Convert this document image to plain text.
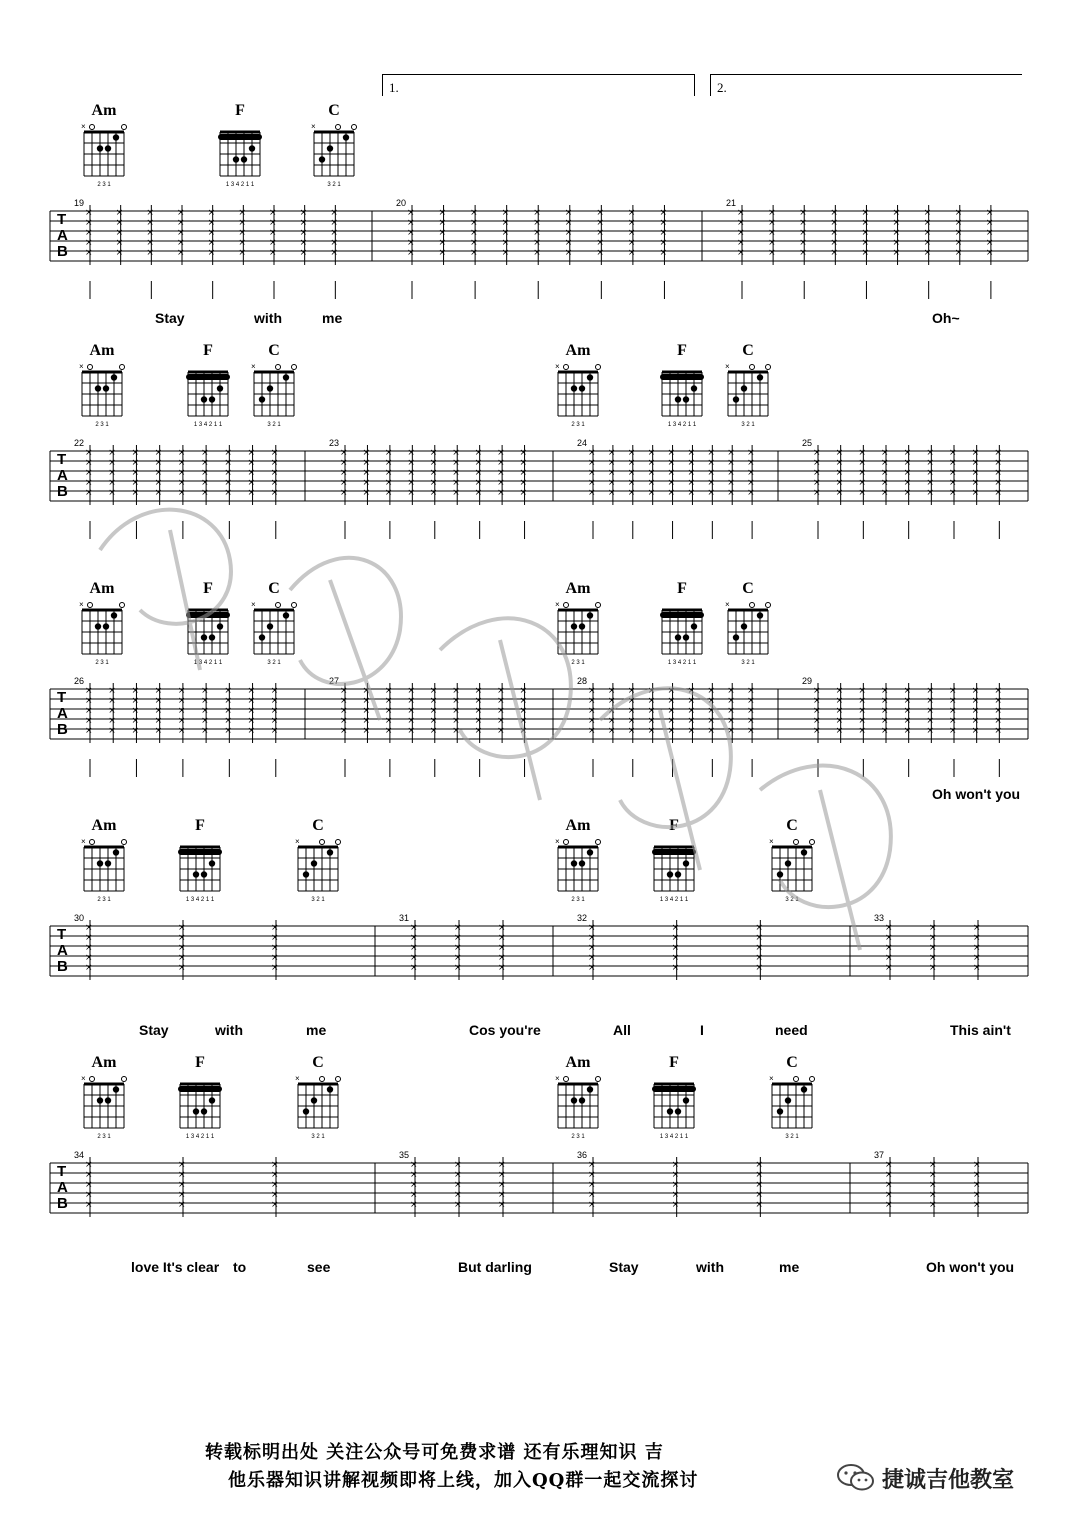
1.	2.
Am
×
2 3 1
F
1 3 4 2 1 1
C
×
3 2 1
T
A
B
19	20	21
×
×
×
×
×
×
×
×
×
×
×
×
×
×
×
×
×
×
×
×
×
×
×
×
×
×
×
×
×
×
×
×
×
×
×
×
×
×
×
×
×
×
×
×
×
×
×
×
×
×
×
×
×
×
×
×
×
×
×
×
×
×
×
×
×
×
×
×
×
×
×
×
×
×
×
×
×
×
×
×
×
×
×
×
×
×
×
×
×
×
×
×
×
×
×
×
×
×
×
×
×
×
×
×
×
×
×
×
×
×
×
×
×
×
×
×
×
×
×
×
×
×
×
×
×
×
×
×
×
×
×
×
×
×
×
Stay	with	me	Oh~
Am
×
2 3 1
F
1 3 4 2 1 1
C
×
3 2 1
Am
×
2 3 1
F
1 3 4 2 1 1
C
×
3 2 1
T
A
B
22	23	24	25
×
×
×
×
×
×
×
×
×
×
×
×
×
×
×
×
×
×
×
×
×
×
×
×
×
×
×
×
×
×
×
×
×
×
×
×
×
×
×
×
×
×
×
×
×
×
×
×
×
×
×
×
×
×
×
×
×
×
×
×
×
×
×
×
×
×
×
×
×
×
×
×
×
×
×
×
×
×
×
×
×
×
×
×
×
×
×
×
×
×
×
×
×
×
×
×
×
×
×
×
×
×
×
×
×
×
×
×
×
×
×
×
×
×
×
×
×
×
×
×
×
×
×
×
×
×
×
×
×
×
×
×
×
×
×
×
×
×
×
×
×
×
×
×
×
×
×
×
×
×
×
×
×
×
×
×
×
×
×
×
×
×
×
×
×
×
×
×
×
×
×
×
×
×
×
×
×
×
×
×
Am
×
2 3 1
F
1 3 4 2 1 1
C
×
3 2 1
Am
×
2 3 1
F
1 3 4 2 1 1
C
×
3 2 1
T
A
B
26	27	28	29
×
×
×
×
×
×
×
×
×
×
×
×
×
×
×
×
×
×
×
×
×
×
×
×
×
×
×
×
×
×
×
×
×
×
×
×
×
×
×
×
×
×
×
×
×
×
×
×
×
×
×
×
×
×
×
×
×
×
×
×
×
×
×
×
×
×
×
×
×
×
×
×
×
×
×
×
×
×
×
×
×
×
×
×
×
×
×
×
×
×
×
×
×
×
×
×
×
×
×
×
×
×
×
×
×
×
×
×
×
×
×
×
×
×
×
×
×
×
×
×
×
×
×
×
×
×
×
×
×
×
×
×
×
×
×
×
×
×
×
×
×
×
×
×
×
×
×
×
×
×
×
×
×
×
×
×
×
×
×
×
×
×
×
×
×
×
×
×
×
×
×
×
×
×
×
×
×
×
×
×
Oh won't you
Am
×
2 3 1
F
1 3 4 2 1 1
C
×
3 2 1
Am
×
2 3 1
F
1 3 4 2 1 1
C
×
3 2 1
T
A
B
30	31	32	33
×
×
×
×
×
×
×
×
×
×
×
×
×
×
×
×
×
×
×
×
×
×
×
×
×
×
×
×
×
×
×
×
×
×
×
×
×
×
×
×
×
×
×
×
×
×
×
×
×
×
×
×
×
×
×
×
×
×
×
×
Stay	with	me	Cos you're	All	I	need	This ain't
Am
×
2 3 1
F
1 3 4 2 1 1
C
×
3 2 1
Am
×
2 3 1
F
1 3 4 2 1 1
C
×
3 2 1
T
A
B
34	35	36	37
×
×
×
×
×
×
×
×
×
×
×
×
×
×
×
×
×
×
×
×
×
×
×
×
×
×
×
×
×
×
×
×
×
×
×
×
×
×
×
×
×
×
×
×
×
×
×
×
×
×
×
×
×
×
×
×
×
×
×
×
love It's clear to	see	But darling	Stay	with	me	Oh won't you
转载标明出处 关注公众号可免费求谱 还有乐理知识 吉
他乐器知识讲解视频即将上线，加入QQ群一起交流探讨	捷诚吉他教室
